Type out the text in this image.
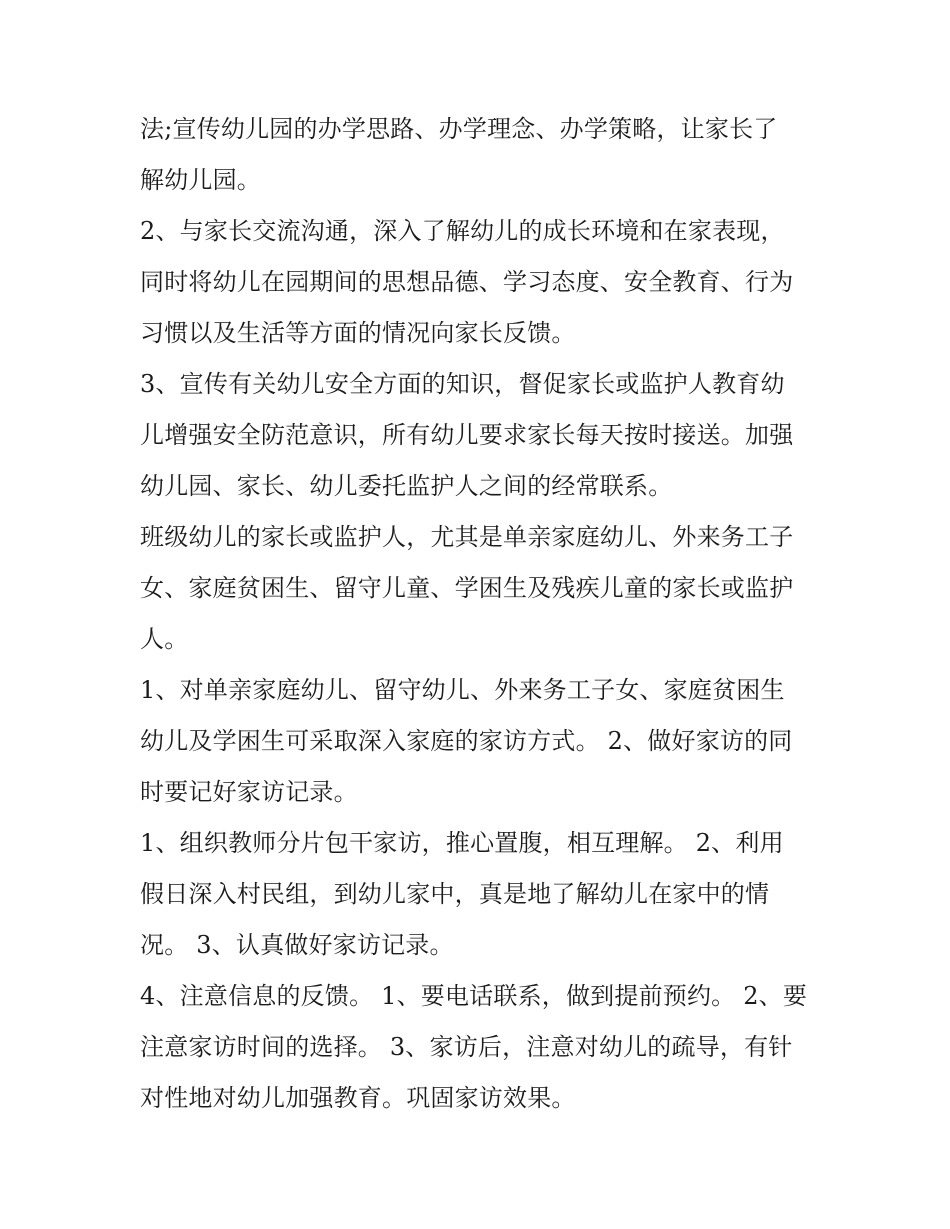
法;宣传幼儿园的办学思路、办学理念、办学策略，让家长了
解幼儿园。
2、与家长交流沟通，深入了解幼儿的成长环境和在家表现，
同时将幼儿在园期间的思想品德、学习态度、安全教育、行为
习惯以及生活等方面的情况向家长反馈。
3、宣传有关幼儿安全方面的知识，督促家长或监护人教育幼
儿增强安全防范意识，所有幼儿要求家长每天按时接送。加强
幼儿园、家长、幼儿委托监护人之间的经常联系。
班级幼儿的家长或监护人，尤其是单亲家庭幼儿、外来务工子
女、家庭贫困生、留守儿童、学困生及残疾儿童的家长或监护
人。
1、对单亲家庭幼儿、留守幼儿、外来务工子女、家庭贫困生
幼儿及学困生可采取深入家庭的家访方式。 2、做好家访的同
时要记好家访记录。
1、组织教师分片包干家访，推心置腹，相互理解。 2、利用
假日深入村民组，到幼儿家中，真是地了解幼儿在家中的情
况。 3、认真做好家访记录。
4、注意信息的反馈。 1、要电话联系，做到提前预约。 2、要
注意家访时间的选择。 3、家访后，注意对幼儿的疏导，有针
对性地对幼儿加强教育。巩固家访效果。
